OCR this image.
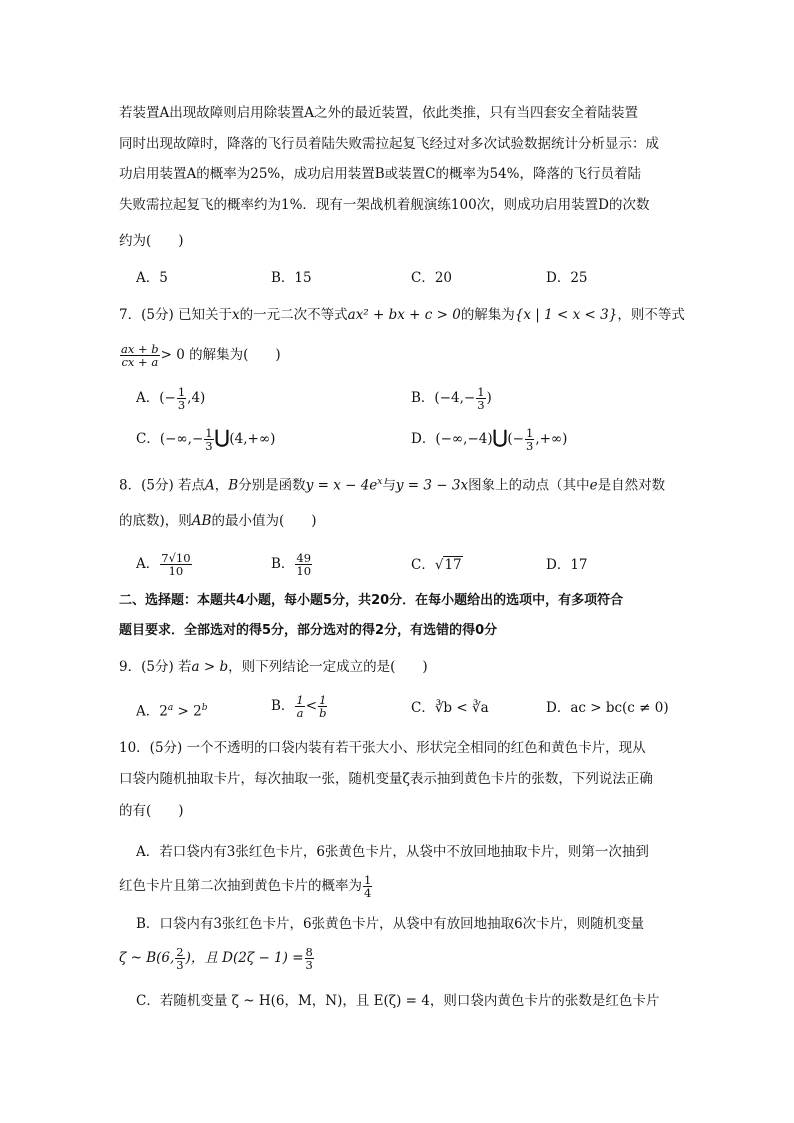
若装置A出现故障则启用除装置A之外的最近装置，依此类推，只有当四套安全着陆装置
同时出现故障时，降落的飞行员着陆失败需拉起复飞经过对多次试验数据统计分析显示：成
功启用装置A的概率为25%，成功启用装置B或装置C的概率为54%，降落的飞行员着陆
失败需拉起复飞的概率约为1%．现有一架战机着舰演练100次，则成功启用装置D的次数
约为(　　)
A．5	B．15	C．20	D．25
7．(5分) 已知关于x的一元二次不等式ax² + bx + c > 0的解集为{x | 1 < x < 3}，则不等式
$\frac{ax + b}{cx + a} > 0$ 的解集为(　　)
A．(− $\frac{1}{3} ,4$)	B．($-4,- \frac{1}{3}$ )
C．(−∞,− $\frac{1}{3}$ ⋃(4,+∞)	D．(−∞,−4)⋃(− $\frac{1}{3}$ ,+∞)
8．(5分) 若点A，B分别是函数$y = x - 4e^x$与y = 3 − 3x图象上的动点（其中e是自然对数
的底数)，则AB的最小值为(　　)
A． $\frac{7√10}{10}$	B． $\frac{49}{10}$	C．√17	D．17
二、选择题：本题共4小题，每小题5分，共20分．在每小题给出的选项中，有多项符合
题目要求．全部选对的得5分，部分选对的得2分，有选错的得0分
9．(5分) 若a > b，则下列结论一定成立的是(　　)
A．$2^a > 2^b$	B． $\frac{1}{a} < \frac{1}{b}$	C．∛b < ∛a	D．ac > bc(c ≠ 0)
10．(5分) 一个不透明的口袋内装有若干张大小、形状完全相同的红色和黄色卡片，现从
口袋内随机抽取卡片，每次抽取一张，随机变量ζ表示抽到黄色卡片的张数，下列说法正确
的有(　　)
A．若口袋内有3张红色卡片，6张黄色卡片，从袋中不放回地抽取卡片，则第一次抽到
红色卡片且第二次抽到黄色卡片的概率为 $\frac{1}{4}$
B．口袋内有3张红色卡片，6张黄色卡片，从袋中有放回地抽取6次卡片，则随机变量
ζ ~ B(6, $\frac{2}{3}$ )，且 $D(2\zeta - 1) = \frac{8}{3}$
C．若随机变量 ζ ~ H(6，M，N)，且 E(ζ) = 4，则口袋内黄色卡片的张数是红色卡片
